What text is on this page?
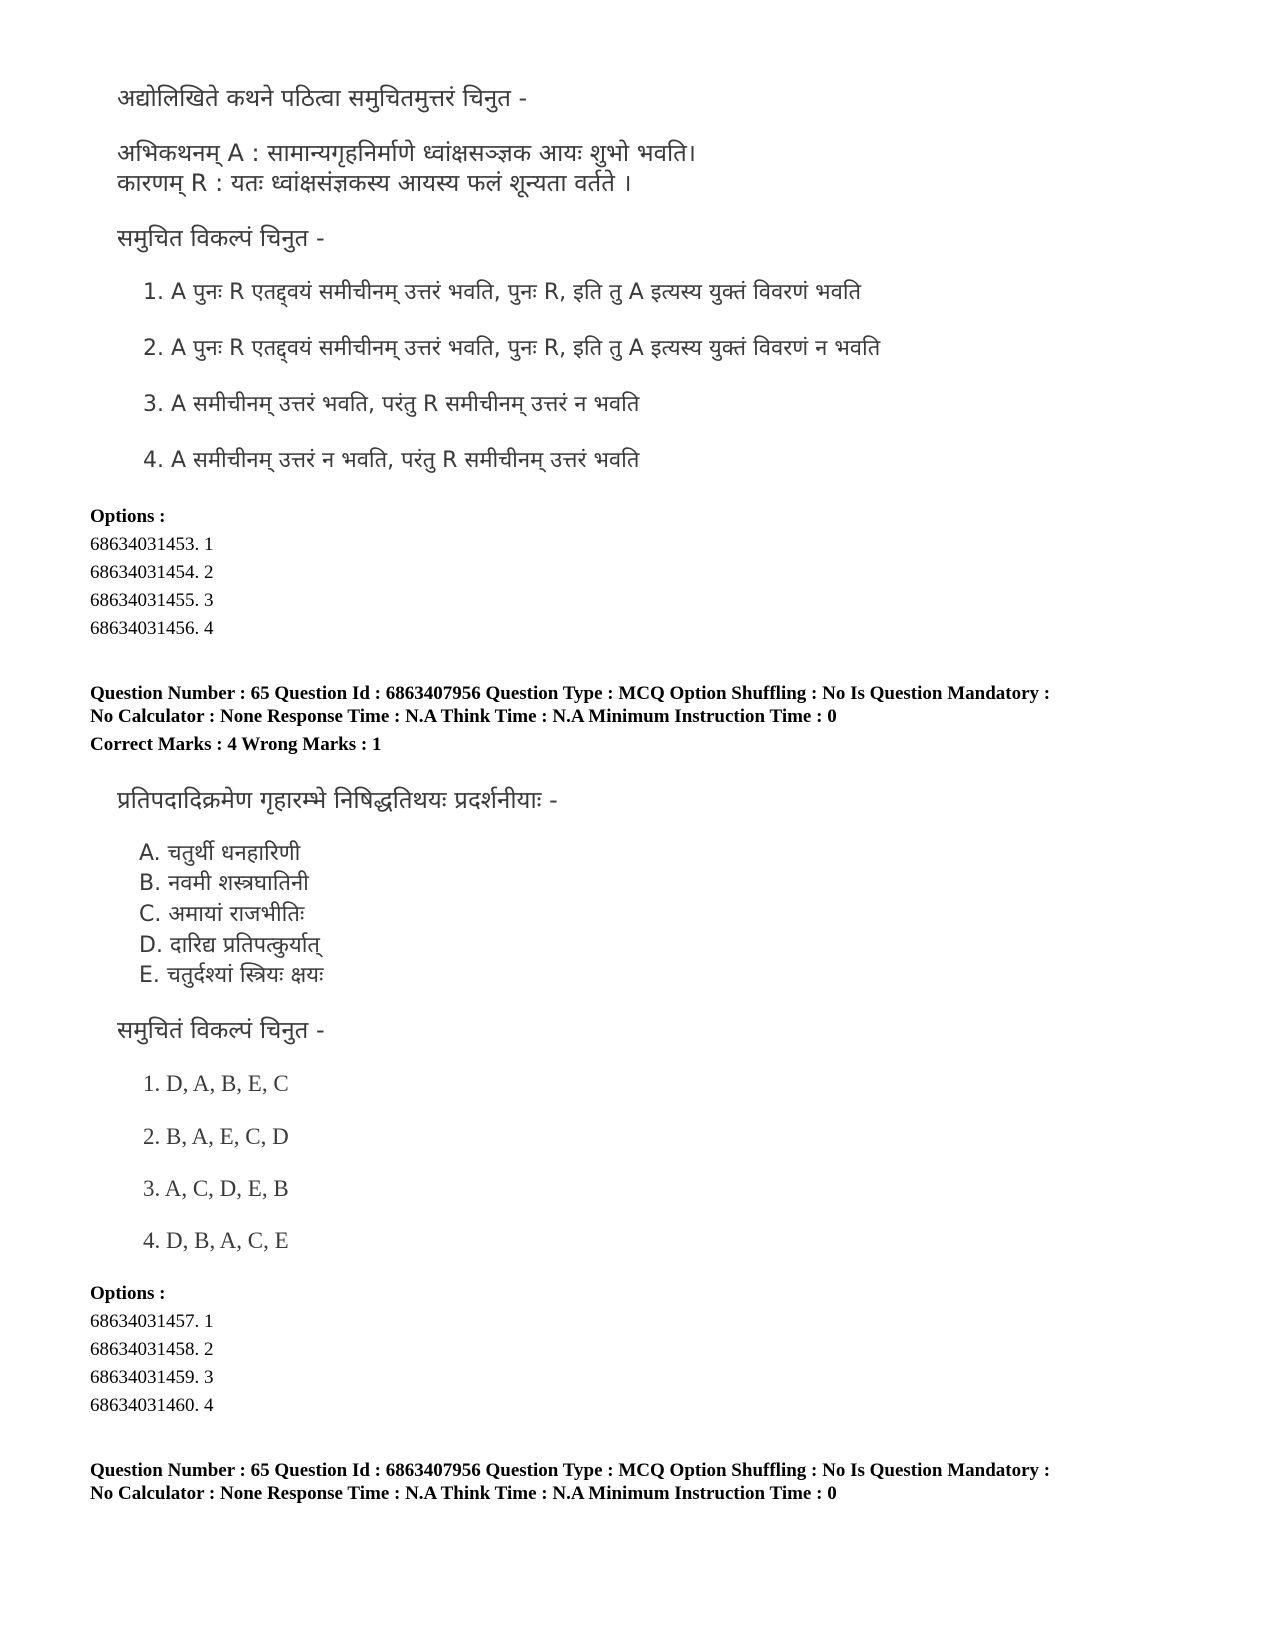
अद्योलिखिते कथने पठित्वा समुचितमुत्तरं चिनुत -
अभिकथनम् A : सामान्यगृहनिर्माणे ध्वांक्षसञ्ज्ञक आयः शुभो भवति।
कारणम् R : यतः ध्वांक्षसंज्ञकस्य आयस्य फलं शून्यता वर्तते ।
समुचित विकल्पं चिनुत -
1. A पुनः R एतद्द्वयं समीचीनम् उत्तरं भवति, पुनः R, इति तु A इत्यस्य युक्तं विवरणं भवति
2. A पुनः R एतद्द्वयं समीचीनम् उत्तरं भवति, पुनः R, इति तु A इत्यस्य युक्तं विवरणं न भवति
3. A समीचीनम् उत्तरं भवति, परंतु R समीचीनम् उत्तरं न भवति
4. A समीचीनम् उत्तरं न भवति, परंतु R समीचीनम् उत्तरं भवति
Options :
68634031453. 1
68634031454. 2
68634031455. 3
68634031456. 4
Question Number : 65 Question Id : 6863407956 Question Type : MCQ Option Shuffling : No Is Question Mandatory :
No Calculator : None Response Time : N.A Think Time : N.A Minimum Instruction Time : 0
Correct Marks : 4 Wrong Marks : 1
प्रतिपदादिक्रमेण गृहारम्भे निषिद्धतिथयः प्रदर्शनीयाः -
A. चतुर्थी धनहारिणी
B. नवमी शस्त्रघातिनी
C. अमायां राजभीतिः
D. दारिद्य प्रतिपत्कुर्यात्
E. चतुर्दश्यां स्त्रियः क्षयः
समुचितं विकल्पं चिनुत -
1. D, A, B, E, C
2. B, A, E, C, D
3. A, C, D, E, B
4. D, B, A, C, E
Options :
68634031457. 1
68634031458. 2
68634031459. 3
68634031460. 4
Question Number : 65 Question Id : 6863407956 Question Type : MCQ Option Shuffling : No Is Question Mandatory :
No Calculator : None Response Time : N.A Think Time : N.A Minimum Instruction Time : 0
